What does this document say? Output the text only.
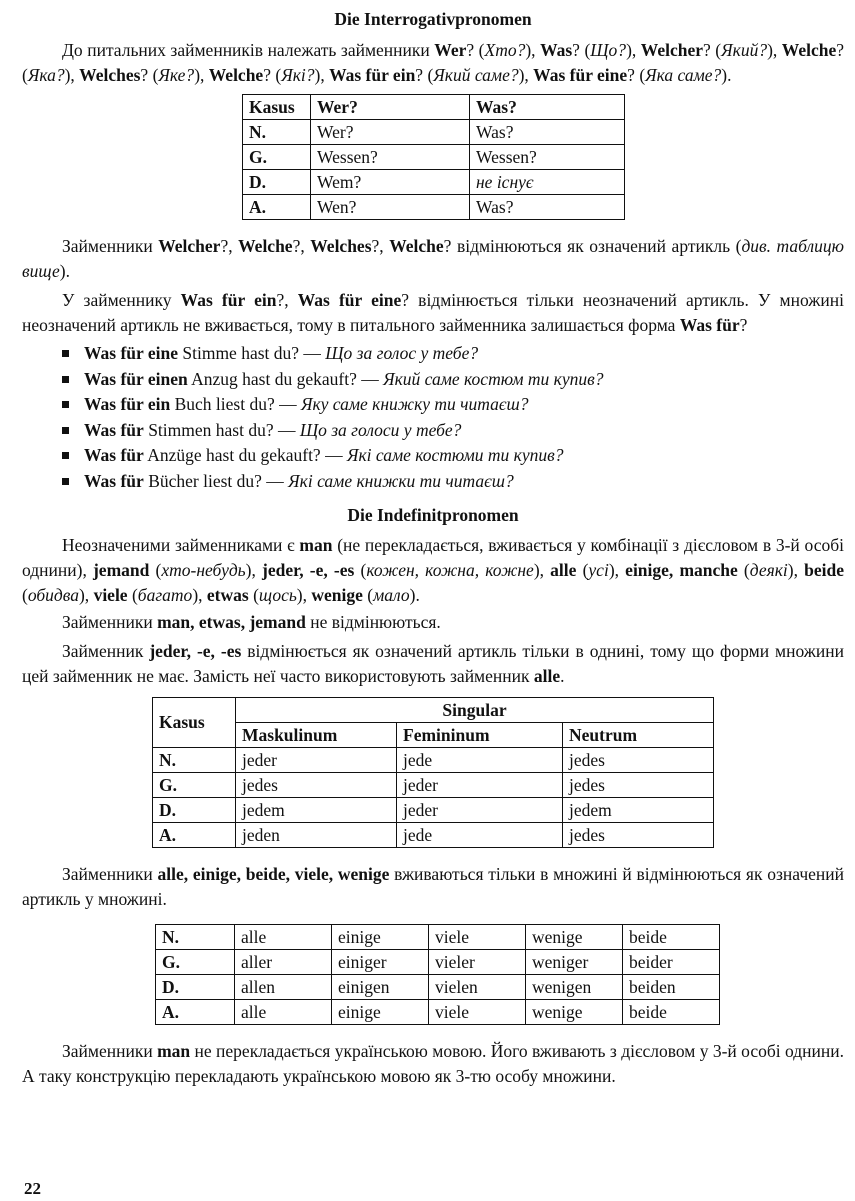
Die Interrogativpronomen

До питальних займенників належать займенники Wer? (Хто?), Was? (Що?), Welcher? (Який?), Welche? (Яка?), Welches? (Яке?), Welche? (Які?), Was für ein? (Який саме?), Was für eine? (Яка саме?).

Kasus	Wer?	Was?
N.	Wer?	Was?
G.	Wessen?	Wessen?
D.	Wem?	не існує
A.	Wen?	Was?

Займенники Welcher?, Welche?, Welches?, Welche? відмінюються як означений артикль (див. таблицю вище).

У займеннику Was für ein?, Was für eine? відмінюється тільки неозначений артикль. У множині неозначений артикль не вживається, тому в питального займенника залишається форма Was für?

Was für eine Stimme hast du? — Що за голос у тебе?
Was für einen Anzug hast du gekauft? — Який саме костюм ти купив?
Was für ein Buch liest du? — Яку саме книжку ти читаєш?
Was für Stimmen hast du? — Що за голоси у тебе?
Was für Anzüge hast du gekauft? — Які саме костюми ти купив?
Was für Bücher liest du? — Які саме книжки ти читаєш?
Die Indefinitpronomen

Неозначеними займенниками є man (не перекладається, вживається у комбінації з дієсловом в 3-й особі однини), jemand (хто-небудь), jeder, -e, -es (кожен, кожна, кожне), alle (усі), einige, manche (деякі), beide (обидва), viele (багато), etwas (щось), wenige (мало).

Займенники man, etwas, jemand не відмінюються.

Займенник jeder, -e, -es відмінюється як означений артикль тільки в однині, тому що форми множини цей займенник не має. Замість неї часто використовують займенник alle.

Kasus	Singular		
	Maskulinum	Femininum	Neutrum
N.	jeder	jede	jedes
G.	jedes	jeder	jedes
D.	jedem	jeder	jedem
A.	jeden	jede	jedes

Займенники alle, einige, beide, viele, wenige вживаються тільки в множині й відмінюються як означений артикль у множині.

N.	alle	einige	viele	wenige	beide
G.	aller	einiger	vieler	weniger	beider
D.	allen	einigen	vielen	wenigen	beiden
A.	alle	einige	viele	wenige	beide

Займенники man не перекладається українською мовою. Його вживають з дієсловом у 3-й особі однини. А таку конструкцію перекладають українською мовою як 3-тю особу множини.

22
